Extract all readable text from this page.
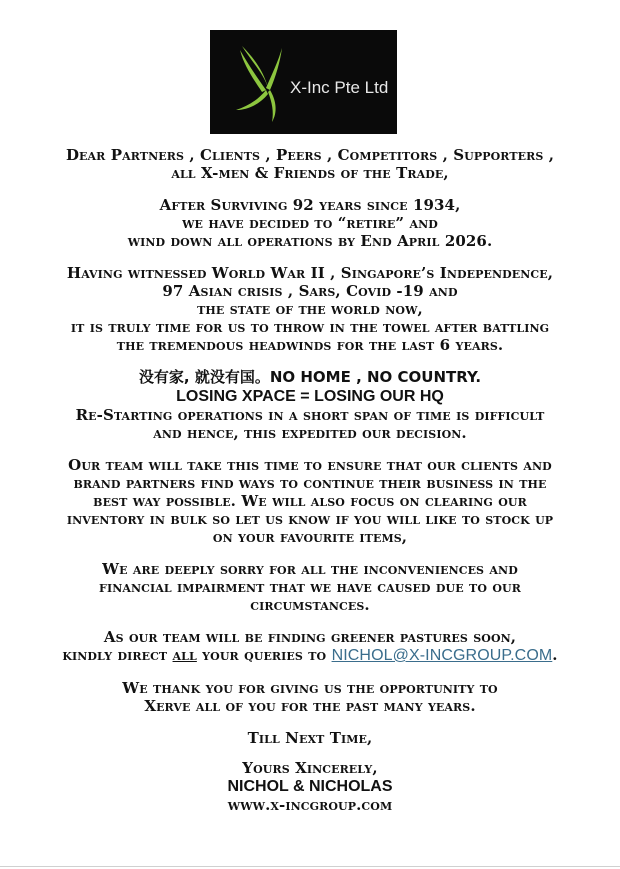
X-Inc Pte Ltd
Dear Partners , Clients , Peers , Competitors , Supporters ,
all X-men & Friends of the Trade,
After Surviving 92 years since 1934,
we have decided to “retire” and
wind down all operations by End April 2026.
Having witnessed World War II , Singapore’s Independence,
97 Asian crisis , Sars, Covid -19 and
the state of the world now,
it is truly time for us to throw in the towel after battling
the tremendous headwinds for the last 6 years.
没有家, 就没有国。NO HOME , NO COUNTRY.
LOSING XPACE = LOSING OUR HQ
Re-Starting operations in a short span of time is difficult
and hence, this expedited our decision.
Our team will take this time to ensure that our clients and
brand partners find ways to continue their business in the
best way possible. We will also focus on clearing our
inventory in bulk so let us know if you will like to stock up
on your favourite items,
We are deeply sorry for all the inconveniences and
financial impairment that we have caused due to our
circumstances.
As our team will be finding greener pastures soon,
kindly direct all your queries to NICHOL@X-INCGROUP.COM.
We thank you for giving us the opportunity to
Xerve all of you for the past many years.
Till Next Time,
Yours Xincerely,
NICHOL & NICHOLAS
www.x-incgroup.com
